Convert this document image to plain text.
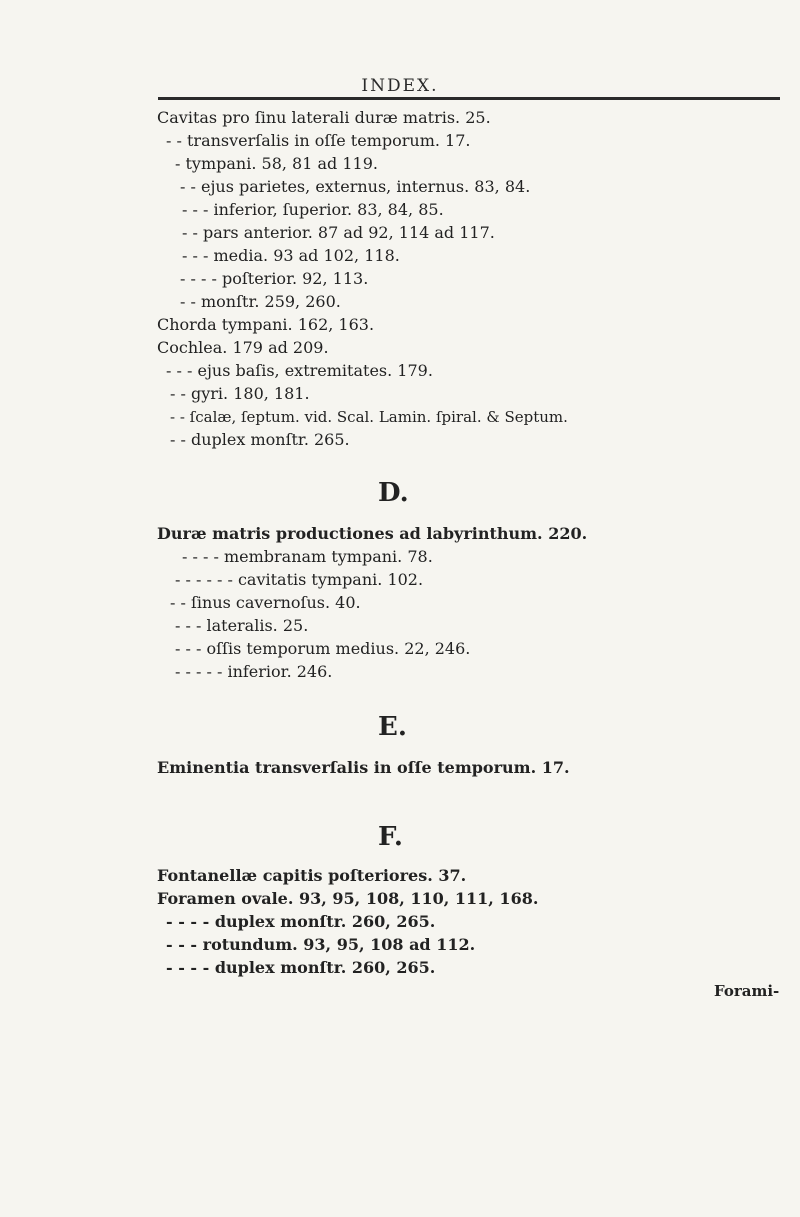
INDEX.
Cavitas pro ſinu laterali duræ matris. 25.
- - transverſalis in oſſe temporum. 17.
- tympani. 58, 81 ad 119.
- - ejus parietes, externus, internus. 83, 84.
- - - inferior, ſuperior. 83, 84, 85.
- - pars anterior. 87 ad 92, 114 ad 117.
- - - media. 93 ad 102, 118.
- - - - poſterior. 92, 113.
- - monſtr. 259, 260.
Chorda tympani. 162, 163.
Cochlea. 179 ad 209.
- - - ejus baſis, extremitates. 179.
- - gyri. 180, 181.
- - ſcalæ, ſeptum. vid. Scal. Lamin. ſpiral. & Septum.
- - duplex monſtr. 265.
D.
Duræ matris productiones ad labyrinthum. 220.
- - - - membranam tympani. 78.
- - - - - - cavitatis tympani. 102.
- - ſinus cavernoſus. 40.
- - - lateralis. 25.
- - - oſſis temporum medius. 22, 246.
- - - - - inferior. 246.
E.
Eminentia transverſalis in oſſe temporum. 17.
F.
Fontanellæ capitis poſteriores. 37.
Foramen ovale. 93, 95, 108, 110, 111, 168.
- - - - duplex monſtr. 260, 265.
- - - rotundum. 93, 95, 108 ad 112.
- - - - duplex monſtr. 260, 265.
Forami-
